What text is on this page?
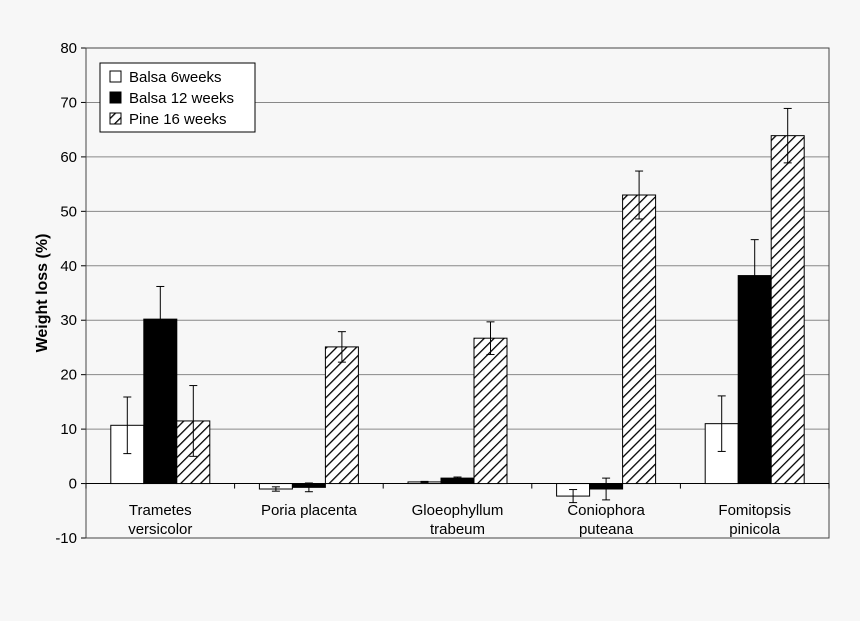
-10
0
10
20
30
40
50
60
70
80
Trametes versicolor
Poria placenta	Gloeophyllum trabeum
Coniophora puteana
Fomitopsis pinicola
Weight loss (%)
Balsa 6weeks
Balsa 12 weeks
Pine 16 weeks
